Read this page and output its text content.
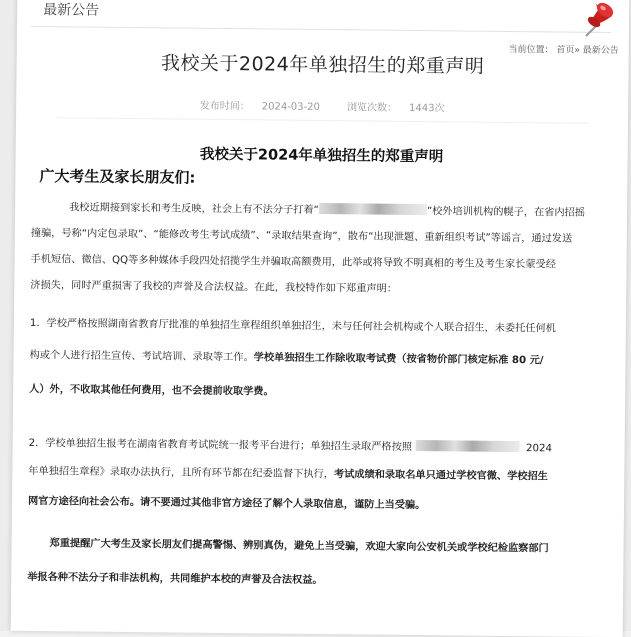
最新公告
当前位置： 首页» 最新公告
我校关于2024年单独招生的郑重声明
发布时间： 2024-03-20	浏览次数： 1443次
我校关于2024年单独招生的郑重声明
广大考生及家长朋友们:
我校近期接到家长和考生反映，社会上有不法分子打着“	”校外培训机构的幌子，在省内招摇
撞骗，号称“内定包录取”、“能修改考生考试成绩”、“录取结果查询”，散布“出现泄题、重新组织考试”等谣言，通过发送
手机短信、微信、QQ等多种媒体手段四处招揽学生并骗取高额费用，此举或将导致不明真相的考生及考生家长蒙受经
济损失，同时严重损害了我校的声誉及合法权益。在此，我校特作如下郑重声明：
1．学校严格按照湖南省教育厅批准的单独招生章程组织单独招生，未与任何社会机构或个人联合招生，未委托任何机
构或个人进行招生宣传、考试培训、录取等工作。学校单独招生工作除收取考试费（按省物价部门核定标准 80 元/
人）外，不收取其他任何费用，也不会提前收取学费。
2．学校单独招生报考在湖南省教育考试院统一报考平台进行；单独招生录取严格按照	2024
年单独招生章程》录取办法执行，且所有环节都在纪委监督下执行，考试成绩和录取名单只通过学校官微、学校招生
网官方途径向社会公布。请不要通过其他非官方途径了解个人录取信息，谨防上当受骗。
郑重提醒广大考生及家长朋友们提高警惕、辨别真伪，避免上当受骗，欢迎大家向公安机关或学校纪检监察部门
举报各种不法分子和非法机构，共同维护本校的声誉及合法权益。
